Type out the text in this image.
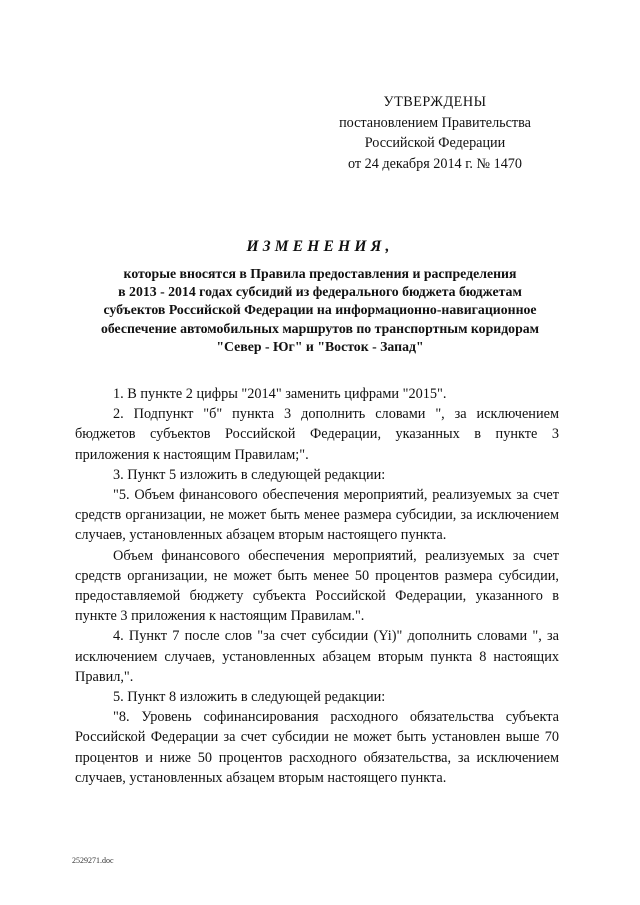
УТВЕРЖДЕНЫ
постановлением Правительства
Российской Федерации
от 24 декабря 2014 г. № 1470
ИЗМЕНЕНИЯ,
которые вносятся в Правила предоставления и распределения
в 2013 - 2014 годах субсидий из федерального бюджета бюджетам
субъектов Российской Федерации на информационно-навигационное
обеспечение автомобильных маршрутов по транспортным коридорам
"Север - Юг" и "Восток - Запад"

1. В пункте 2 цифры "2014" заменить цифрами "2015".

2. Подпункт "б" пункта 3 дополнить словами ", за исключением бюджетов субъектов Российской Федерации, указанных в пункте 3 приложения к настоящим Правилам;".

3. Пункт 5 изложить в следующей редакции:

"5. Объем финансового обеспечения мероприятий, реализуемых за счет средств организации, не может быть менее размера субсидии, за исключением случаев, установленных абзацем вторым настоящего пункта.

Объем финансового обеспечения мероприятий, реализуемых за счет средств организации, не может быть менее 50 процентов размера субсидии, предоставляемой бюджету субъекта Российской Федерации, указанного в пункте 3 приложения к настоящим Правилам.".

4. Пункт 7 после слов "за счет субсидии (Yi)" дополнить словами ", за исключением случаев, установленных абзацем вторым пункта 8 настоящих Правил,".

5. Пункт 8 изложить в следующей редакции:

"8. Уровень софинансирования расходного обязательства субъекта Российской Федерации за счет субсидии не может быть установлен выше 70 процентов и ниже 50 процентов расходного обязательства, за исключением случаев, установленных абзацем вторым настоящего пункта.

2529271.doc
